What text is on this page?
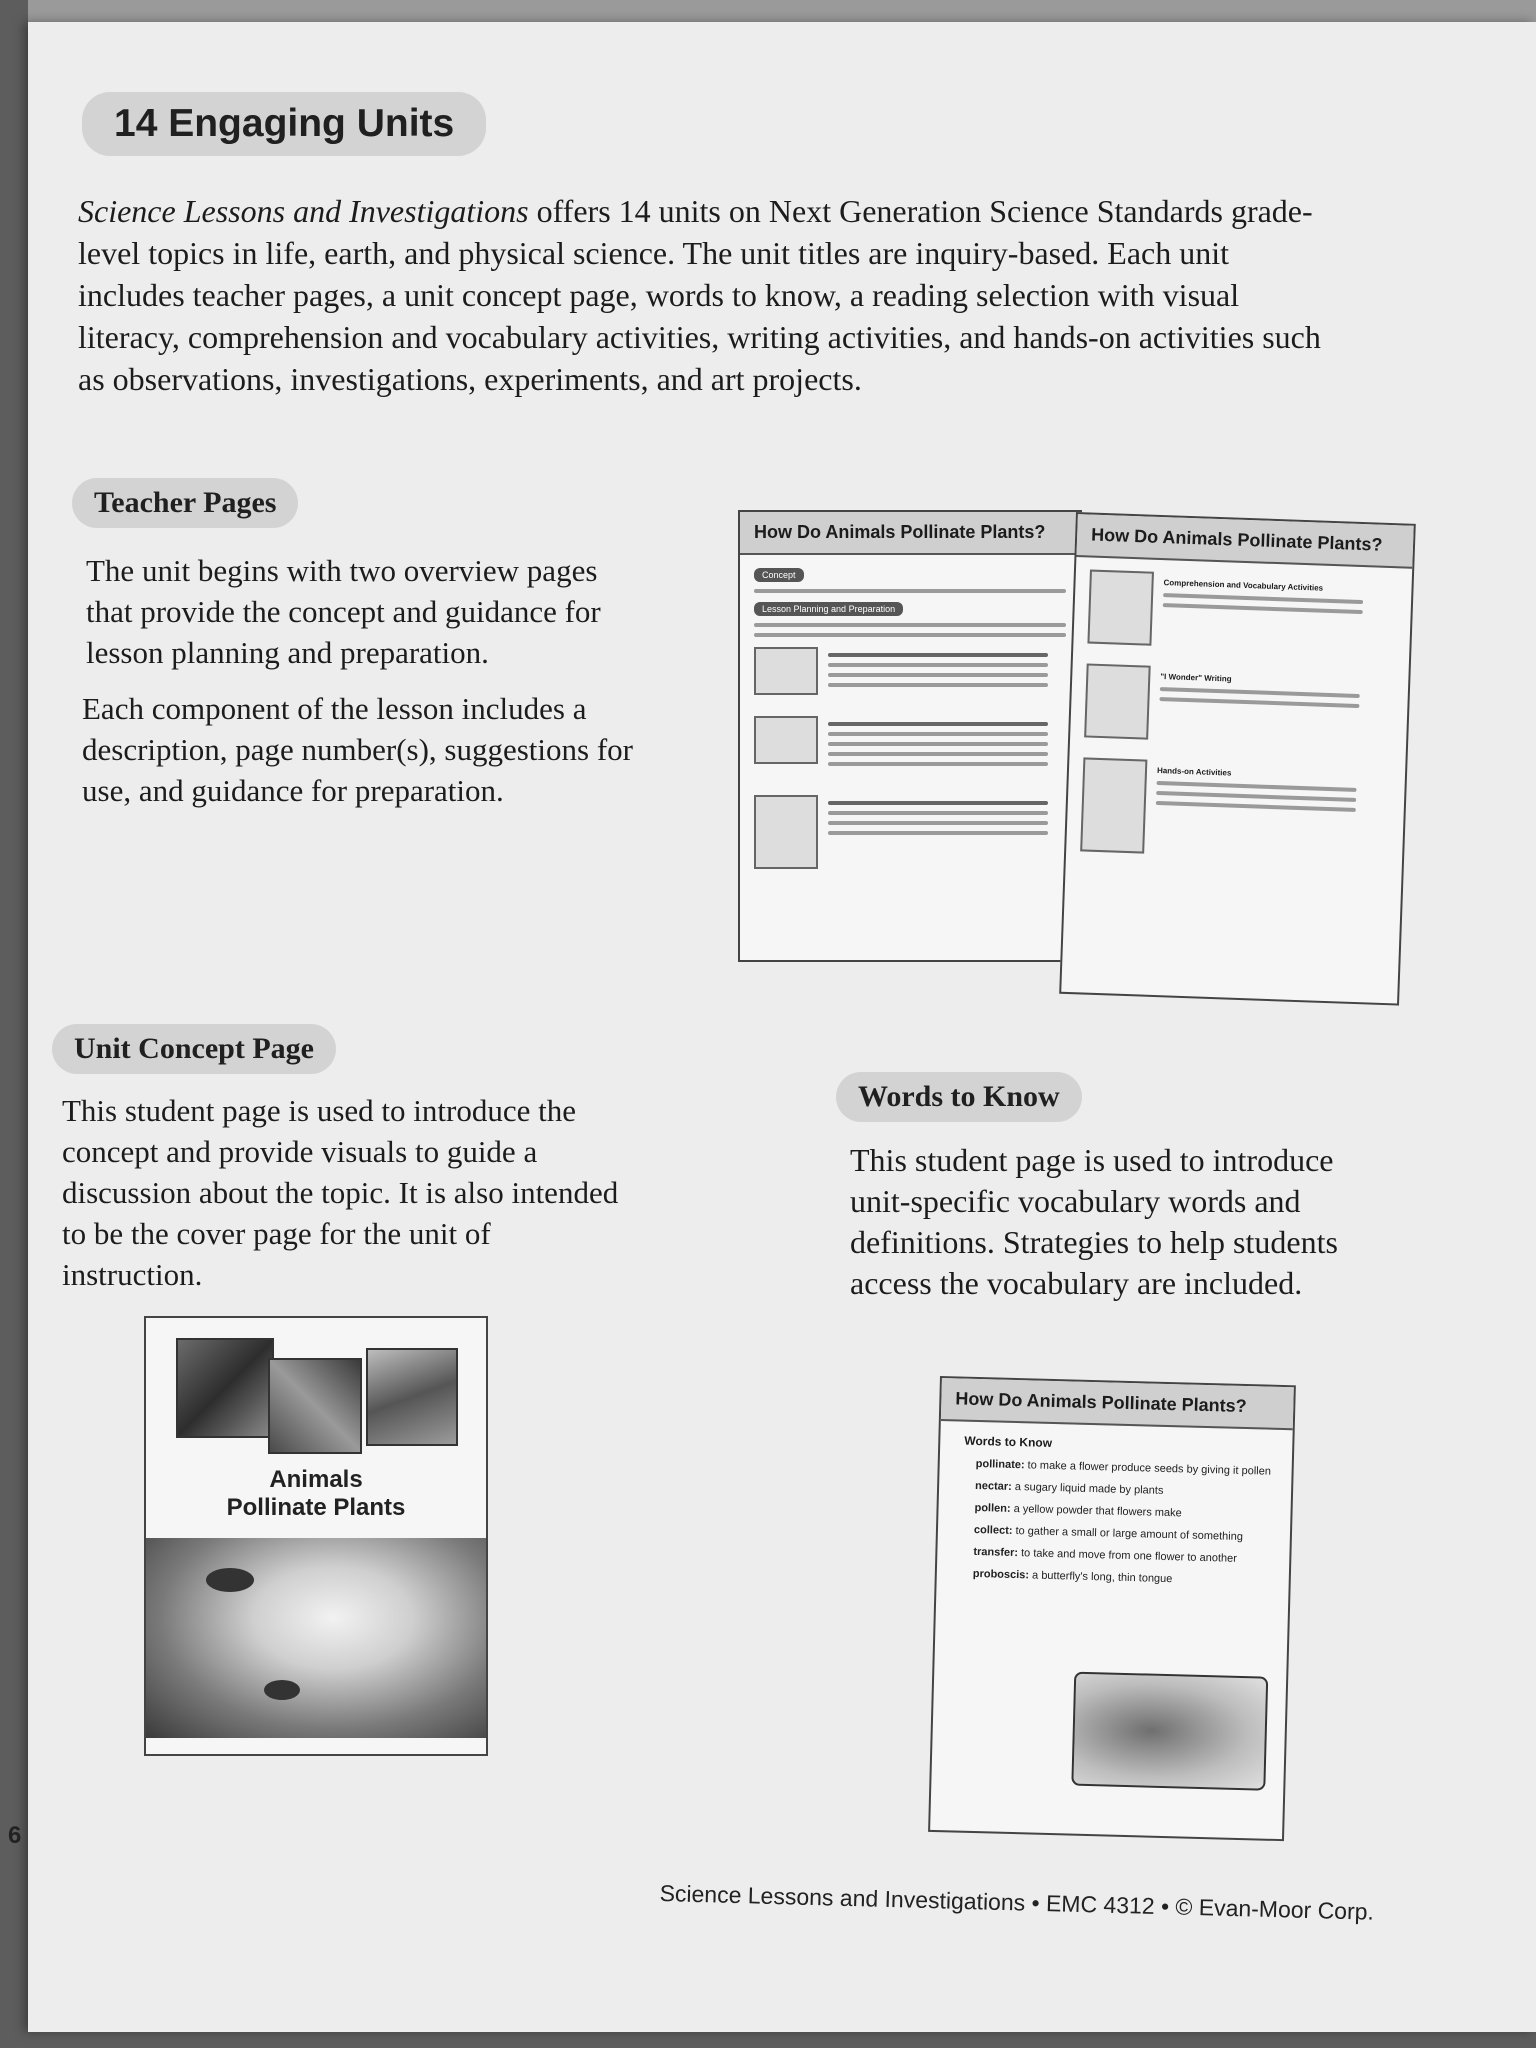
14 Engaging Units
Science Lessons and Investigations offers 14 units on Next Generation Science Standards grade-level topics in life, earth, and physical science. The unit titles are inquiry-based. Each unit includes teacher pages, a unit concept page, words to know, a reading selection with visual literacy, comprehension and vocabulary activities, writing activities, and hands-on activities such as observations, investigations, experiments, and art projects.
Teacher Pages
The unit begins with two overview pages that provide the concept and guidance for lesson planning and preparation.
Each component of the lesson includes a description, page number(s), suggestions for use, and guidance for preparation.
How Do Animals Pollinate Plants?
Concept
Lesson Planning and Preparation
How Do Animals Pollinate Plants?
Comprehension and Vocabulary Activities
"I Wonder" Writing
Hands-on Activities
Unit Concept Page
This student page is used to introduce the concept and provide visuals to guide a discussion about the topic. It is also intended to be the cover page for the unit of instruction.
Words to Know
This student page is used to introduce unit-specific vocabulary words and definitions. Strategies to help students access the vocabulary are included.
Animals
Pollinate Plants
How Do Animals Pollinate Plants?
Words to Know
pollinate: to make a flower produce seeds by giving it pollen
nectar: a sugary liquid made by plants
pollen: a yellow powder that flowers make
collect: to gather a small or large amount of something
transfer: to take and move from one flower to another
proboscis: a butterfly's long, thin tongue
6
Science Lessons and Investigations • EMC 4312 • © Evan-Moor Corp.
